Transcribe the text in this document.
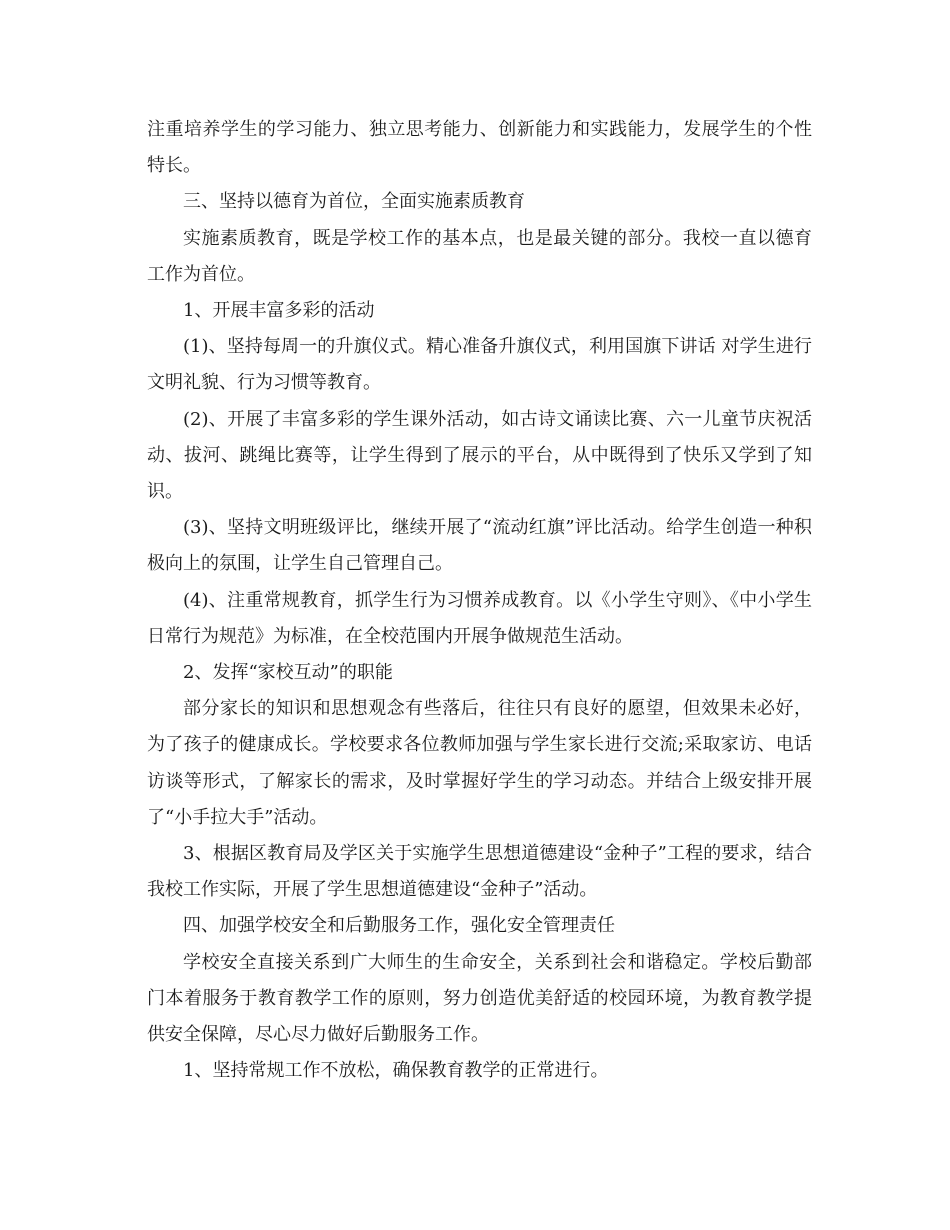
注重培养学生的学习能力、独立思考能力、创新能力和实践能力，发展学生的个性特长。

三、坚持以德育为首位，全面实施素质教育

实施素质教育，既是学校工作的基本点，也是最关键的部分。我校一直以德育工作为首位。

1、开展丰富多彩的活动

(1)、坚持每周一的升旗仪式。精心准备升旗仪式，利用国旗下讲话 对学生进行文明礼貌、行为习惯等教育。

(2)、开展了丰富多彩的学生课外活动，如古诗文诵读比赛、六一儿童节庆祝活动、拔河、跳绳比赛等，让学生得到了展示的平台，从中既得到了快乐又学到了知识。

(3)、坚持文明班级评比，继续开展了“流动红旗”评比活动。给学生创造一种积极向上的氛围，让学生自己管理自己。

(4)、注重常规教育，抓学生行为习惯养成教育。以《小学生守则》、《中小学生日常行为规范》为标准，在全校范围内开展争做规范生活动。

2、发挥“家校互动”的职能

部分家长的知识和思想观念有些落后，往往只有良好的愿望，但效果未必好，为了孩子的健康成长。学校要求各位教师加强与学生家长进行交流;采取家访、电话访谈等形式，了解家长的需求，及时掌握好学生的学习动态。并结合上级安排开展了“小手拉大手”活动。

3、根据区教育局及学区关于实施学生思想道德建设“金种子”工程的要求，结合我校工作实际，开展了学生思想道德建设“金种子”活动。

四、加强学校安全和后勤服务工作，强化安全管理责任

学校安全直接关系到广大师生的生命安全，关系到社会和谐稳定。学校后勤部门本着服务于教育教学工作的原则，努力创造优美舒适的校园环境，为教育教学提供安全保障，尽心尽力做好后勤服务工作。

1、坚持常规工作不放松，确保教育教学的正常进行。
